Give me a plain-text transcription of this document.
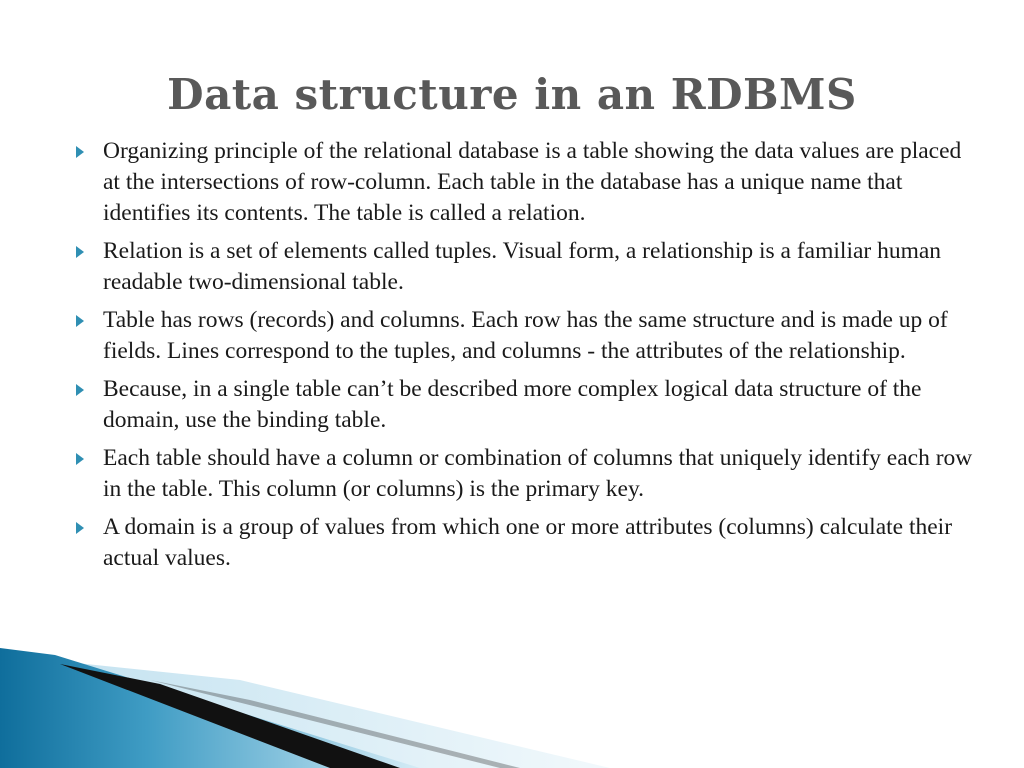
Data structure in an RDBMS
Organizing principle of the relational database is a table showing the data values are placed at the intersections of row-column. Each table in the database has a unique name that identifies its contents. The table is called a relation.
Relation is a set of elements called tuples. Visual form, a relationship is a familiar human readable two-dimensional table.
Table has rows (records) and columns. Each row has the same structure and is made up of fields. Lines correspond to the tuples, and columns - the attributes of the relationship.
Because, in a single table can’t be described more complex logical data structure of the domain, use the binding table.
Each table should have a column or combination of columns that uniquely identify each row in the table. This column (or columns) is the primary key.
A domain is a group of values from which one or more attributes (columns) calculate their actual values.
